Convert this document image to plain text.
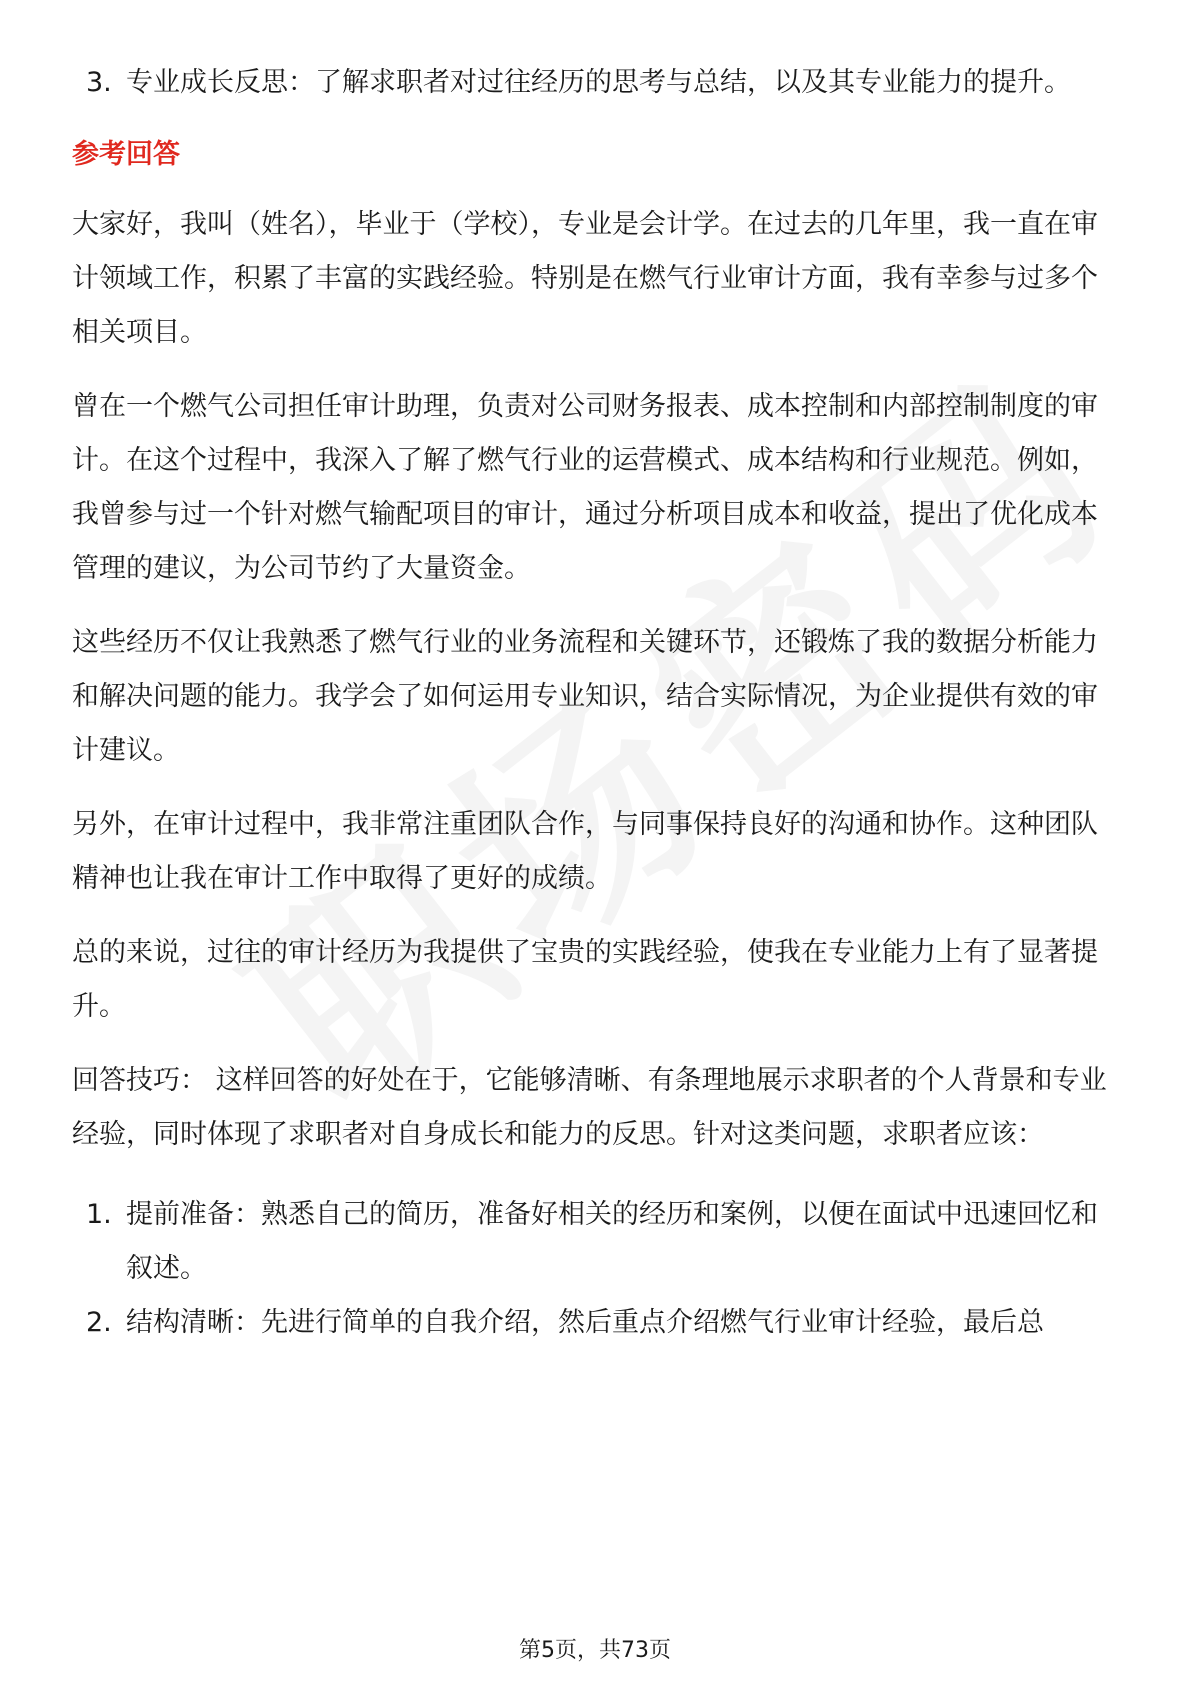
3. 专业成长反思：了解求职者对过往经历的思考与总结，以及其专业能力的提升。
参考回答
大家好，我叫（姓名），毕业于（学校），专业是会计学。在过去的几年里，我一直在审计领域工作，积累了丰富的实践经验。特别是在燃气行业审计方面，我有幸参与过多个相关项目。
曾在一个燃气公司担任审计助理，负责对公司财务报表、成本控制和内部控制制度的审计。在这个过程中，我深入了解了燃气行业的运营模式、成本结构和行业规范。例如，我曾参与过一个针对燃气输配项目的审计，通过分析项目成本和收益，提出了优化成本管理的建议，为公司节约了大量资金。
这些经历不仅让我熟悉了燃气行业的业务流程和关键环节，还锻炼了我的数据分析能力和解决问题的能力。我学会了如何运用专业知识，结合实际情况，为企业提供有效的审计建议。
另外，在审计过程中，我非常注重团队合作，与同事保持良好的沟通和协作。这种团队精神也让我在审计工作中取得了更好的成绩。
总的来说，过往的审计经历为我提供了宝贵的实践经验，使我在专业能力上有了显著提升。
回答技巧： 这样回答的好处在于，它能够清晰、有条理地展示求职者的个人背景和专业经验，同时体现了求职者对自身成长和能力的反思。针对这类问题，求职者应该：
1. 提前准备：熟悉自己的简历，准备好相关的经历和案例，以便在面试中迅速回忆和叙述。
2. 结构清晰：先进行简单的自我介绍，然后重点介绍燃气行业审计经验，最后总
第5页，共73页
